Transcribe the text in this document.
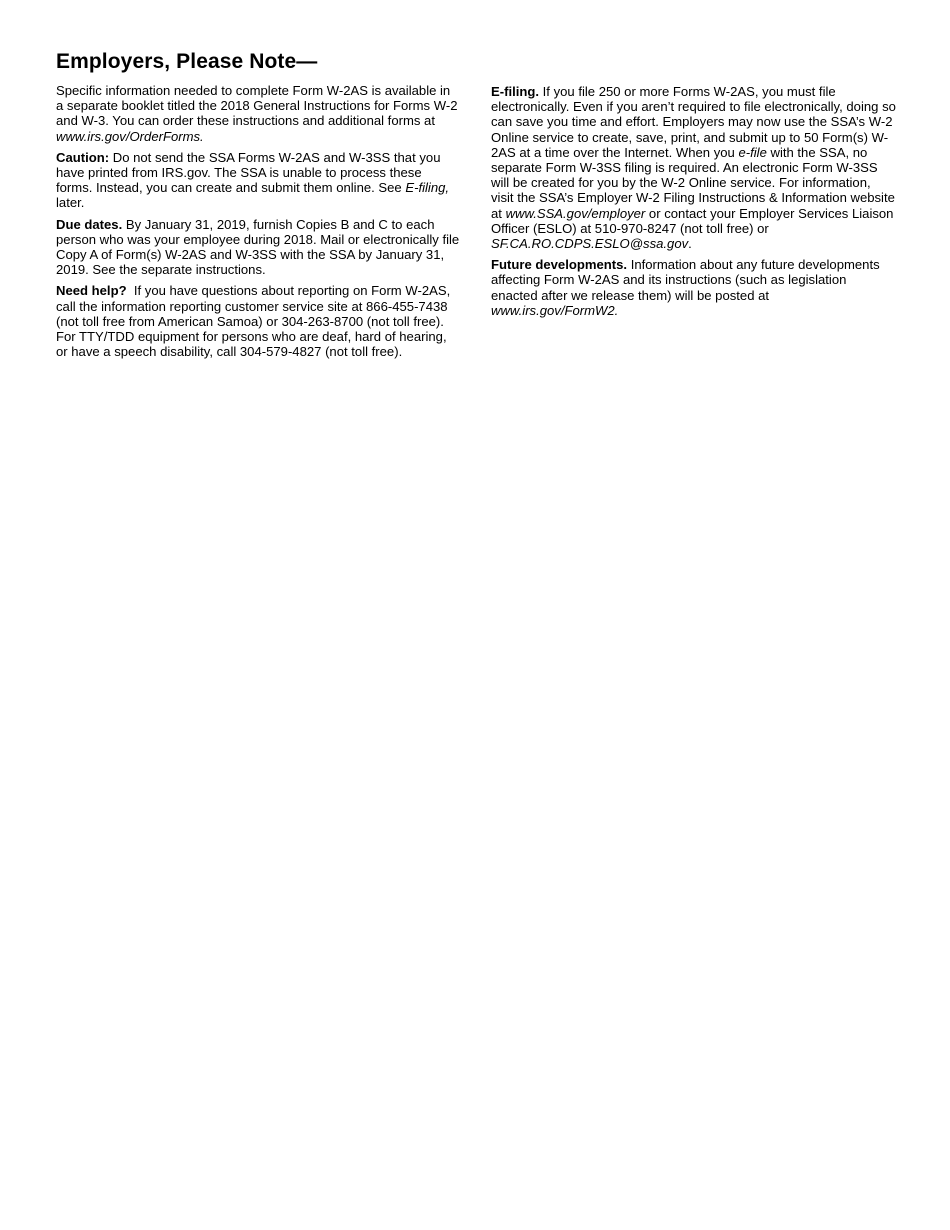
Employers, Please Note—

Specific information needed to complete Form W-2AS is available in a separate booklet titled the 2018 General Instructions for Forms W-2 and W-3. You can order these instructions and additional forms at www.irs.gov/OrderForms.

Caution: Do not send the SSA Forms W-2AS and W-3SS that you have printed from IRS.gov. The SSA is unable to process these forms. Instead, you can create and submit them online. See E-filing, later.

Due dates. By January 31, 2019, furnish Copies B and C to each person who was your employee during 2018. Mail or electronically file Copy A of Form(s) W-2AS and W-3SS with the SSA by January 31, 2019. See the separate instructions.

Need help?  If you have questions about reporting on Form W-2AS, call the information reporting customer service site at 866-455-7438 (not toll free from American Samoa) or 304-263-8700 (not toll free).  For TTY/TDD equipment for persons who are deaf, hard of hearing, or have a speech disability, call 304-579-4827 (not toll free).

E-filing. If you file 250 or more Forms W-2AS, you must file electronically. Even if you aren’t required to file electronically, doing so can save you time and effort. Employers may now use the SSA’s W-2 Online service to create, save, print, and submit up to 50 Form(s) W-2AS at a time over the Internet. When you e-file with the SSA, no separate Form W-3SS filing is required. An electronic Form W-3SS will be created for you by the W-2 Online service. For information, visit the SSA’s Employer W-2 Filing Instructions & Information website at www.SSA.gov/employer or contact your Employer Services Liaison Officer (ESLO) at 510-970-8247 (not toll free) or SF.CA.RO.CDPS.ESLO@ssa.gov.

Future developments. Information about any future developments affecting Form W-2AS and its instructions (such as legislation enacted after we release them) will be posted at www.irs.gov/FormW2.
